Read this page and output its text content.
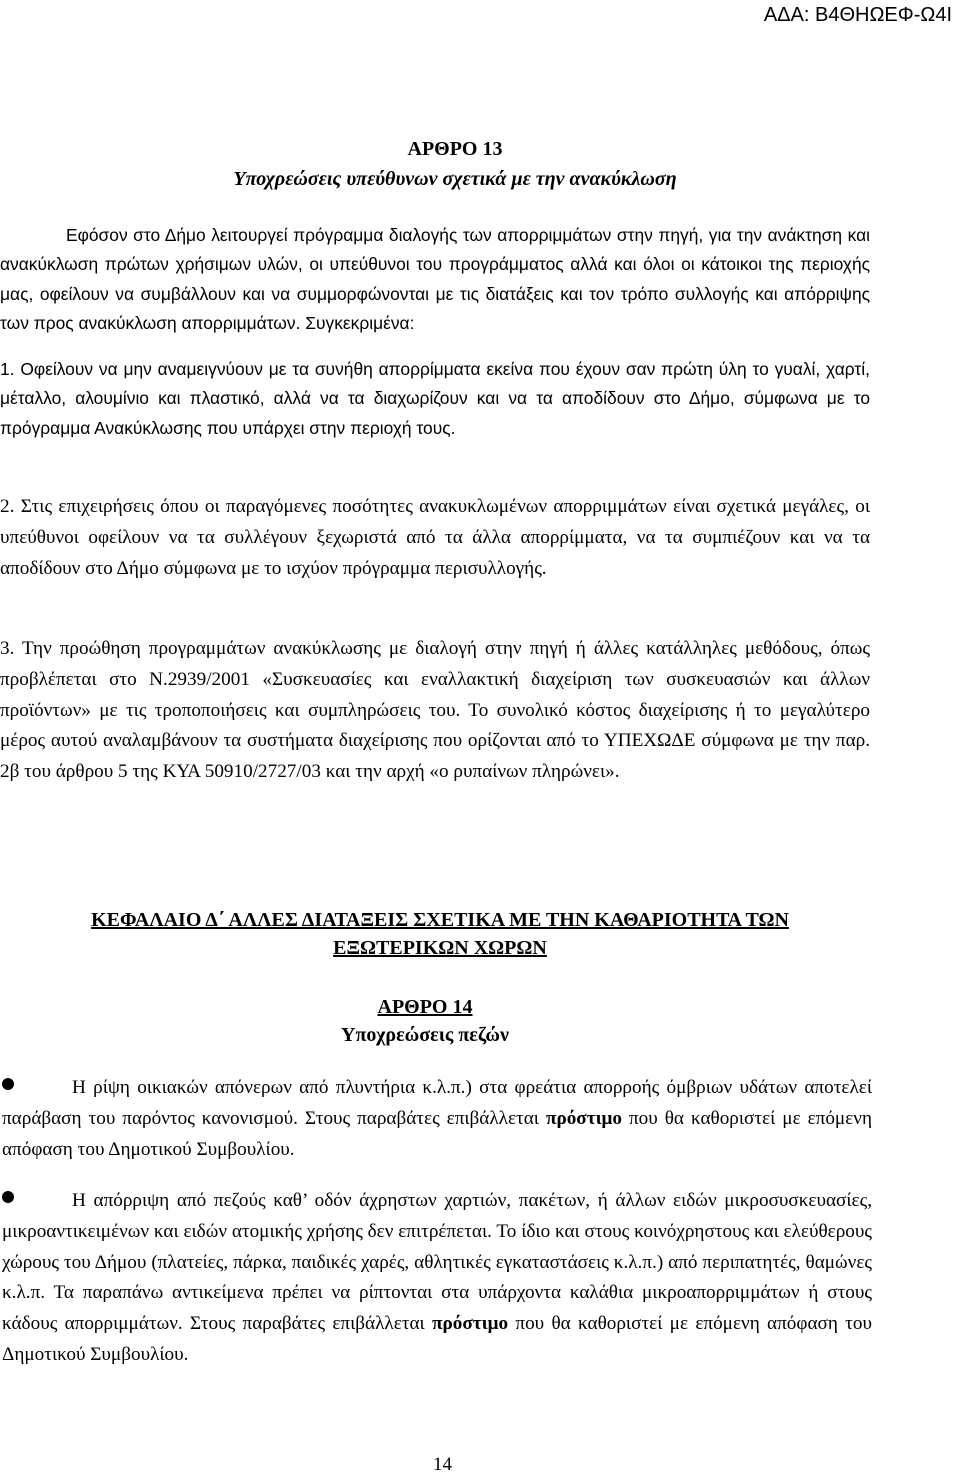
ΑΔΑ: Β4ΘΗΩΕΦ-Ω4Ι
ΑΡΘΡΟ 13
Υποχρεώσεις υπεύθυνων σχετικά με την ανακύκλωση
Εφόσον στο Δήμο λειτουργεί πρόγραμμα διαλογής των απορριμμάτων στην πηγή, για την ανάκτηση και ανακύκλωση πρώτων χρήσιμων υλών, οι υπεύθυνοι του προγράμματος αλλά και όλοι οι κάτοικοι της περιοχής μας, οφείλουν να συμβάλλουν και να συμμορφώνονται με τις διατάξεις και τον τρόπο συλλογής και απόρριψης των προς ανακύκλωση απορριμμάτων. Συγκεκριμένα:
1. Οφείλουν να μην αναμειγνύουν με τα συνήθη απορρίμματα εκείνα που έχουν σαν πρώτη ύλη το γυαλί, χαρτί, μέταλλο, αλουμίνιο και πλαστικό, αλλά να τα διαχωρίζουν και να τα αποδίδουν στο Δήμο, σύμφωνα με το πρόγραμμα Ανακύκλωσης που υπάρχει στην περιοχή τους.
2. Στις επιχειρήσεις όπου οι παραγόμενες ποσότητες ανακυκλωμένων απορριμμάτων είναι σχετικά μεγάλες, οι υπεύθυνοι οφείλουν να τα συλλέγουν ξεχωριστά από τα άλλα απορρίμματα, να τα συμπιέζουν και να τα αποδίδουν στο Δήμο σύμφωνα με το ισχύον πρόγραμμα περισυλλογής.
3. Την προώθηση προγραμμάτων ανακύκλωσης με διαλογή στην πηγή ή άλλες κατάλληλες μεθόδους, όπως προβλέπεται στο Ν.2939/2001 «Συσκευασίες και εναλλακτική διαχείριση των συσκευασιών και άλλων προϊόντων» με τις τροποποιήσεις και συμπληρώσεις του. Το συνολικό κόστος διαχείρισης ή το μεγαλύτερο μέρος αυτού αναλαμβάνουν τα συστήματα διαχείρισης που ορίζονται από το ΥΠΕΧΩΔΕ σύμφωνα με την παρ. 2β του άρθρου 5 της ΚΥΑ 50910/2727/03 και την αρχή «ο ρυπαίνων πληρώνει».
ΚΕΦΑΛΑΙΟ Δ΄ ΑΛΛΕΣ ΔΙΑΤΑΞΕΙΣ ΣΧΕΤΙΚΑ ΜΕ ΤΗΝ ΚΑΘΑΡΙΟΤΗΤΑ ΤΩΝ
ΕΞΩΤΕΡΙΚΩΝ ΧΩΡΩΝ
ΑΡΘΡΟ 14
Υποχρεώσεις πεζών
Η ρίψη οικιακών απόνερων από πλυντήρια κ.λ.π.) στα φρεάτια απορροής όμβριων υδάτων αποτελεί παράβαση του παρόντος κανονισμού. Στους παραβάτες επιβάλλεται πρόστιμο που θα καθοριστεί με επόμενη απόφαση του Δημοτικού Συμβουλίου.
Η απόρριψη από πεζούς καθ’ οδόν άχρηστων χαρτιών, πακέτων, ή άλλων ειδών μικροσυσκευασίες, μικροαντικειμένων και ειδών ατομικής χρήσης δεν επιτρέπεται. Το ίδιο και στους κοινόχρηστους και ελεύθερους χώρους του Δήμου (πλατείες, πάρκα, παιδικές χαρές, αθλητικές εγκαταστάσεις κ.λ.π.) από περιπατητές, θαμώνες κ.λ.π. Τα παραπάνω αντικείμενα πρέπει να ρίπτονται στα υπάρχοντα καλάθια μικροαπορριμμάτων ή στους κάδους απορριμμάτων. Στους παραβάτες επιβάλλεται πρόστιμο που θα καθοριστεί με επόμενη απόφαση του Δημοτικού Συμβουλίου.
14
